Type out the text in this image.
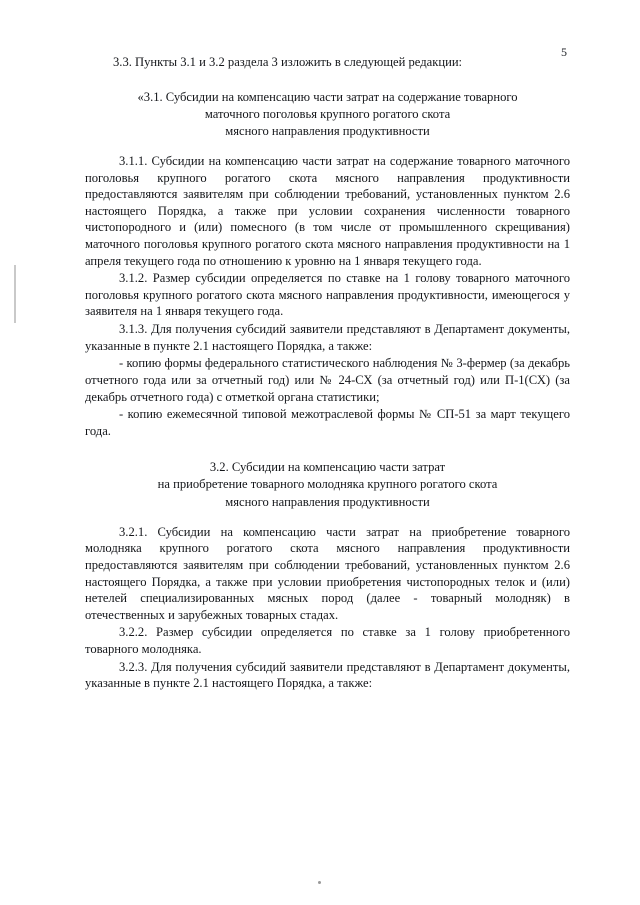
5

3.3. Пункты 3.1 и 3.2 раздела 3 изложить в следующей редакции:

«3.1. Субсидии на компенсацию части затрат на содержание товарного
маточного поголовья крупного рогатого скота
мясного направления продуктивности

3.1.1. Субсидии на компенсацию части затрат на содержание товарного маточного поголовья крупного рогатого скота мясного направления продуктивности предоставляются заявителям при соблюдении требований, установленных пунктом 2.6 настоящего Порядка, а также при условии сохранения численности товарного чистопородного и (или) помесного (в том числе от промышленного скрещивания) маточного поголовья крупного рогатого скота мясного направления продуктивности на 1 апреля текущего года по отношению к уровню на 1 января текущего года.

3.1.2. Размер субсидии определяется по ставке на 1 голову товарного маточного поголовья крупного рогатого скота мясного направления продуктивности, имеющегося у заявителя на 1 января текущего года.

3.1.3. Для получения субсидий заявители представляют в Департамент документы, указанные в пункте 2.1 настоящего Порядка, а также:

- копию формы федерального статистического наблюдения № 3-фермер (за декабрь отчетного года или за отчетный год) или № 24-СХ (за отчетный год) или П-1(СХ) (за декабрь отчетного года) с отметкой органа статистики;

- копию ежемесячной типовой межотраслевой формы № СП-51 за март текущего года.

3.2. Субсидии на компенсацию части затрат
на приобретение товарного молодняка крупного рогатого скота
мясного направления продуктивности

3.2.1. Субсидии на компенсацию части затрат на приобретение товарного молодняка крупного рогатого скота мясного направления продуктивности предоставляются заявителям при соблюдении требований, установленных пунктом 2.6 настоящего Порядка, а также при условии приобретения чистопородных телок и (или) нетелей специализированных мясных пород (далее - товарный молодняк) в отечественных и зарубежных товарных стадах.

3.2.2. Размер субсидии определяется по ставке за 1 голову приобретенного товарного молодняка.

3.2.3. Для получения субсидий заявители представляют в Департамент документы, указанные в пункте 2.1 настоящего Порядка, а также:
